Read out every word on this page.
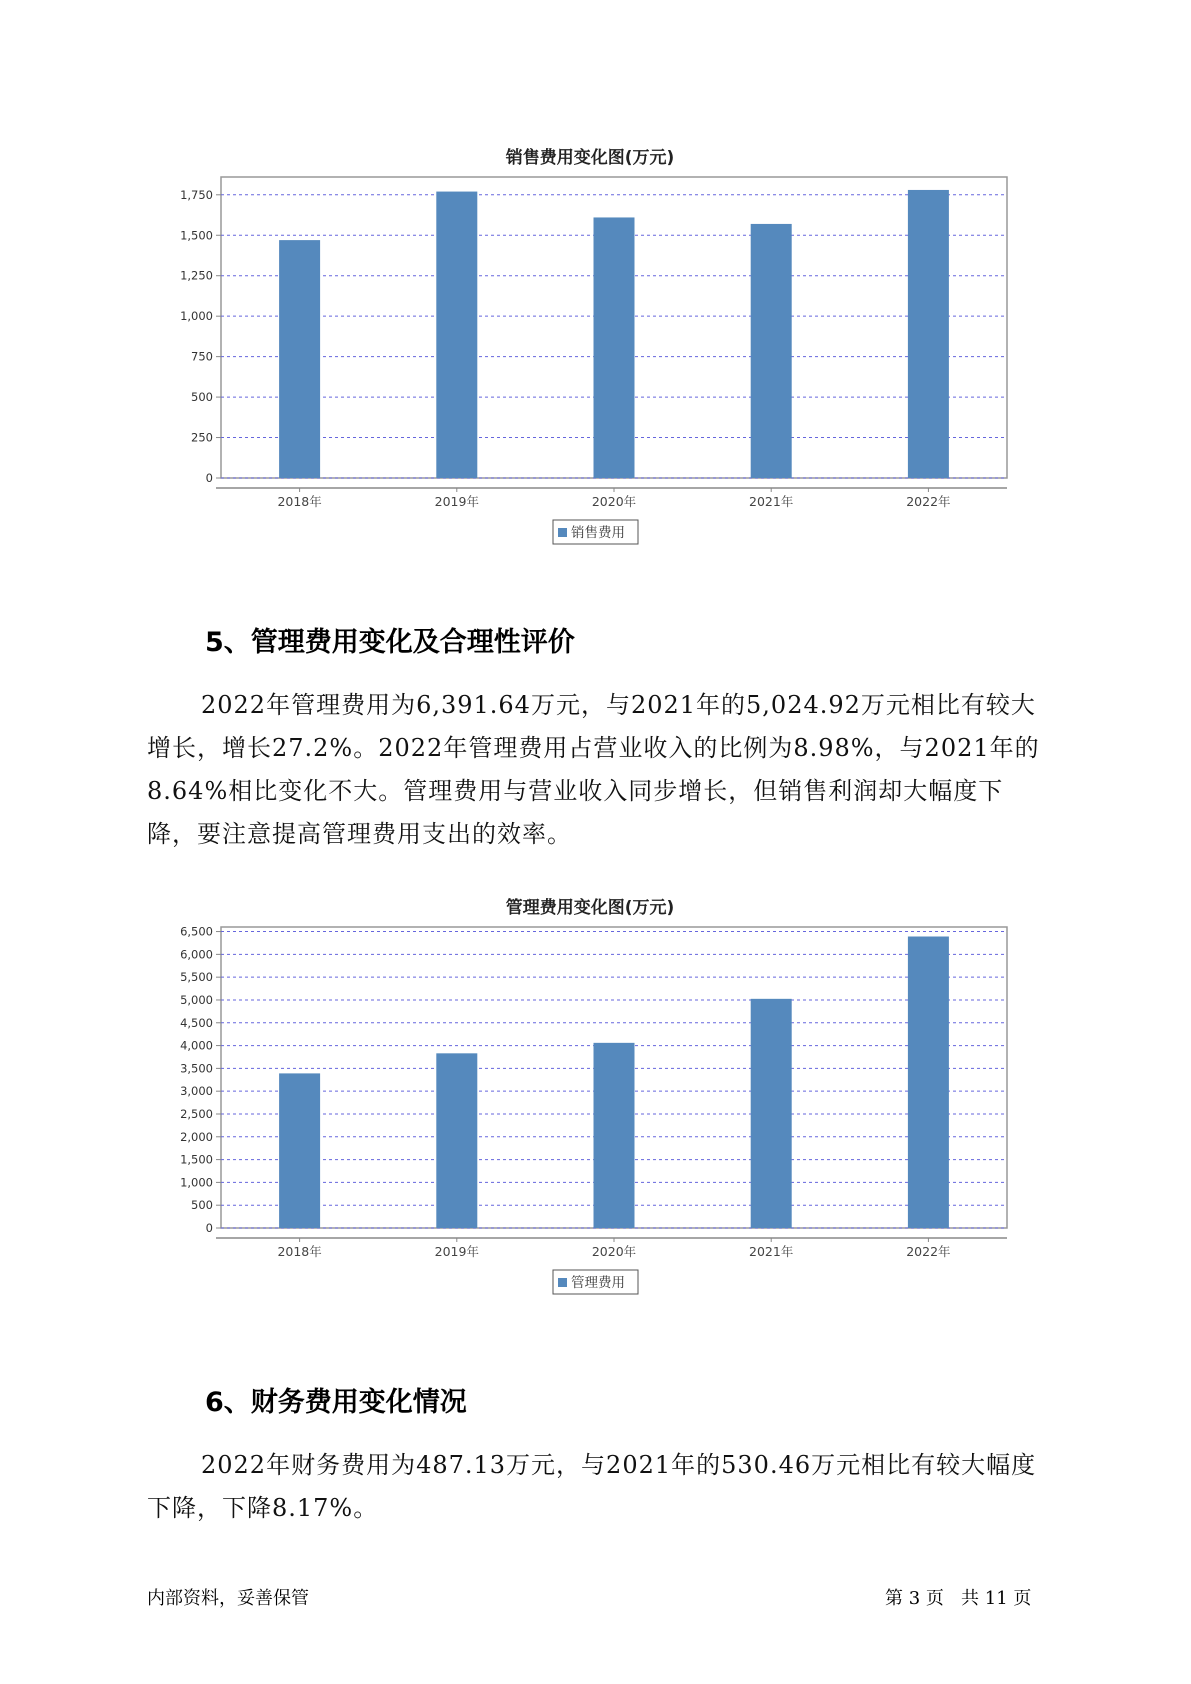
销售费用变化图(万元)
0
250
500
750
1,000
1,250
1,500
1,750
2018年	2019年	2020年	2021年	2022年
销售费用
5、管理费用变化及合理性评价

2022年管理费用为6,391.64万元，与2021年的5,024.92万元相比有较大增长，增长27.2%。2022年管理费用占营业收入的比例为8.98%，与2021年的8.64%相比变化不大。管理费用与营业收入同步增长，但销售利润却大幅度下降，要注意提高管理费用支出的效率。

管理费用变化图(万元)
0
500
1,000
1,500
2,000
2,500
3,000
3,500
4,000
4,500
5,000
5,500
6,000
6,500
2018年	2019年	2020年	2021年	2022年
管理费用
6、财务费用变化情况

2022年财务费用为487.13万元，与2021年的530.46万元相比有较大幅度下降，下降8.17%。

内部资料，妥善保管	第 3 页   共 11 页
